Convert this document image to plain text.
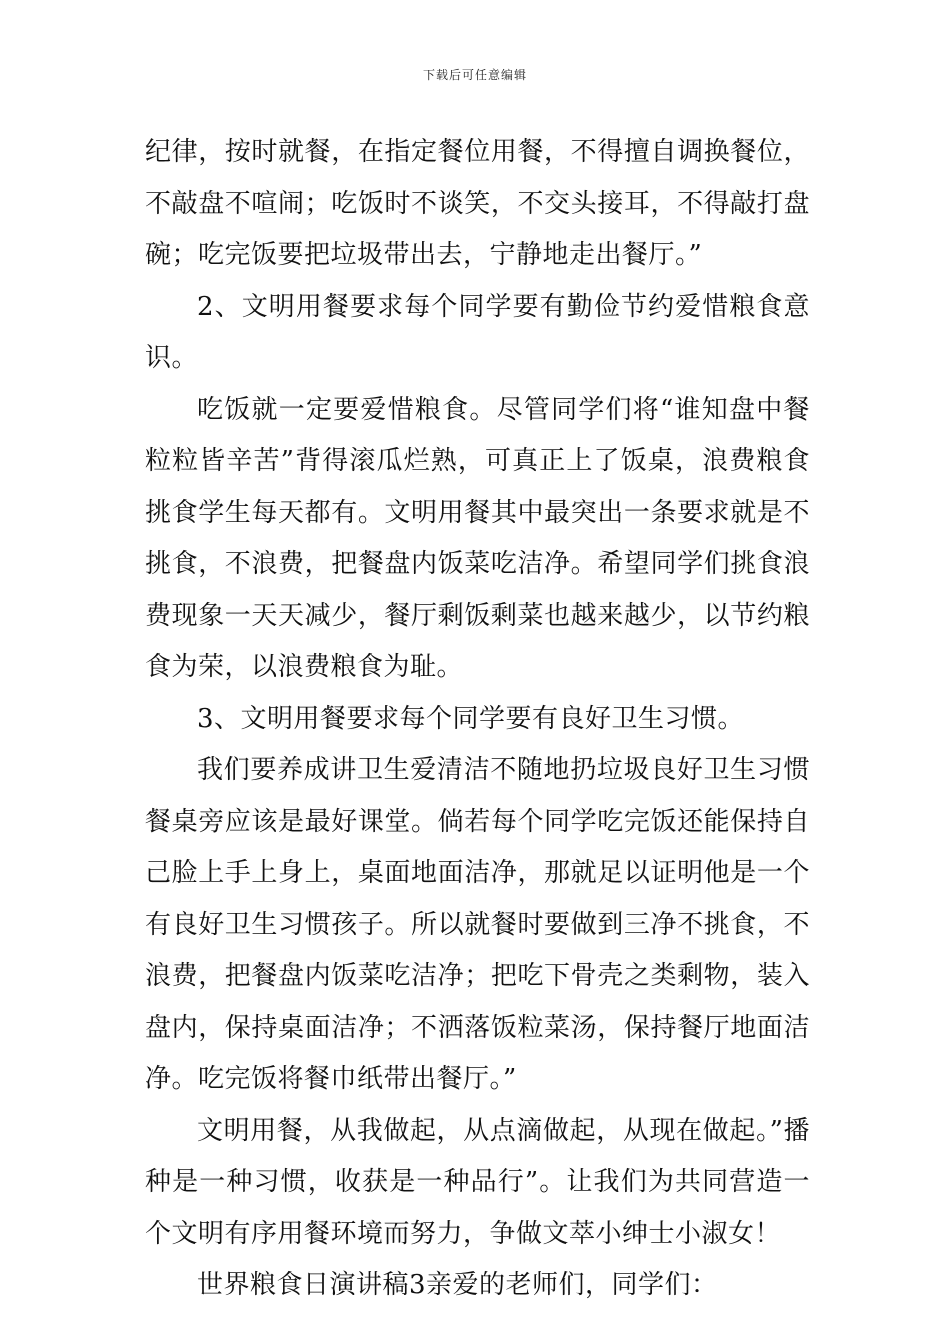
下载后可任意编辑

纪律，按时就餐，在指定餐位用餐，不得擅自调换餐位，不敲盘不喧闹；吃饭时不谈笑，不交头接耳，不得敲打盘碗；吃完饭要把垃圾带出去，宁静地走出餐厅。”

2、文明用餐要求每个同学要有勤俭节约爱惜粮食意识。

吃饭就一定要爱惜粮食。尽管同学们将“谁知盘中餐粒粒皆辛苦”背得滚瓜烂熟，可真正上了饭桌，浪费粮食挑食学生每天都有。文明用餐其中最突出一条要求就是不挑食，不浪费，把餐盘内饭菜吃洁净。希望同学们挑食浪费现象一天天减少，餐厅剩饭剩菜也越来越少，以节约粮食为荣，以浪费粮食为耻。

3、文明用餐要求每个同学要有良好卫生习惯。

我们要养成讲卫生爱清洁不随地扔垃圾良好卫生习惯餐桌旁应该是最好课堂。倘若每个同学吃完饭还能保持自己脸上手上身上，桌面地面洁净，那就足以证明他是一个有良好卫生习惯孩子。所以就餐时要做到三净不挑食，不浪费，把餐盘内饭菜吃洁净；把吃下骨壳之类剩物，装入盘内，保持桌面洁净；不洒落饭粒菜汤，保持餐厅地面洁净。吃完饭将餐巾纸带出餐厅。”

文明用餐，从我做起，从点滴做起，从现在做起。”播种是一种习惯，收获是一种品行”。让我们为共同营造一个文明有序用餐环境而努力，争做文萃小绅士小淑女！

世界粮食日演讲稿3亲爱的老师们，同学们：
